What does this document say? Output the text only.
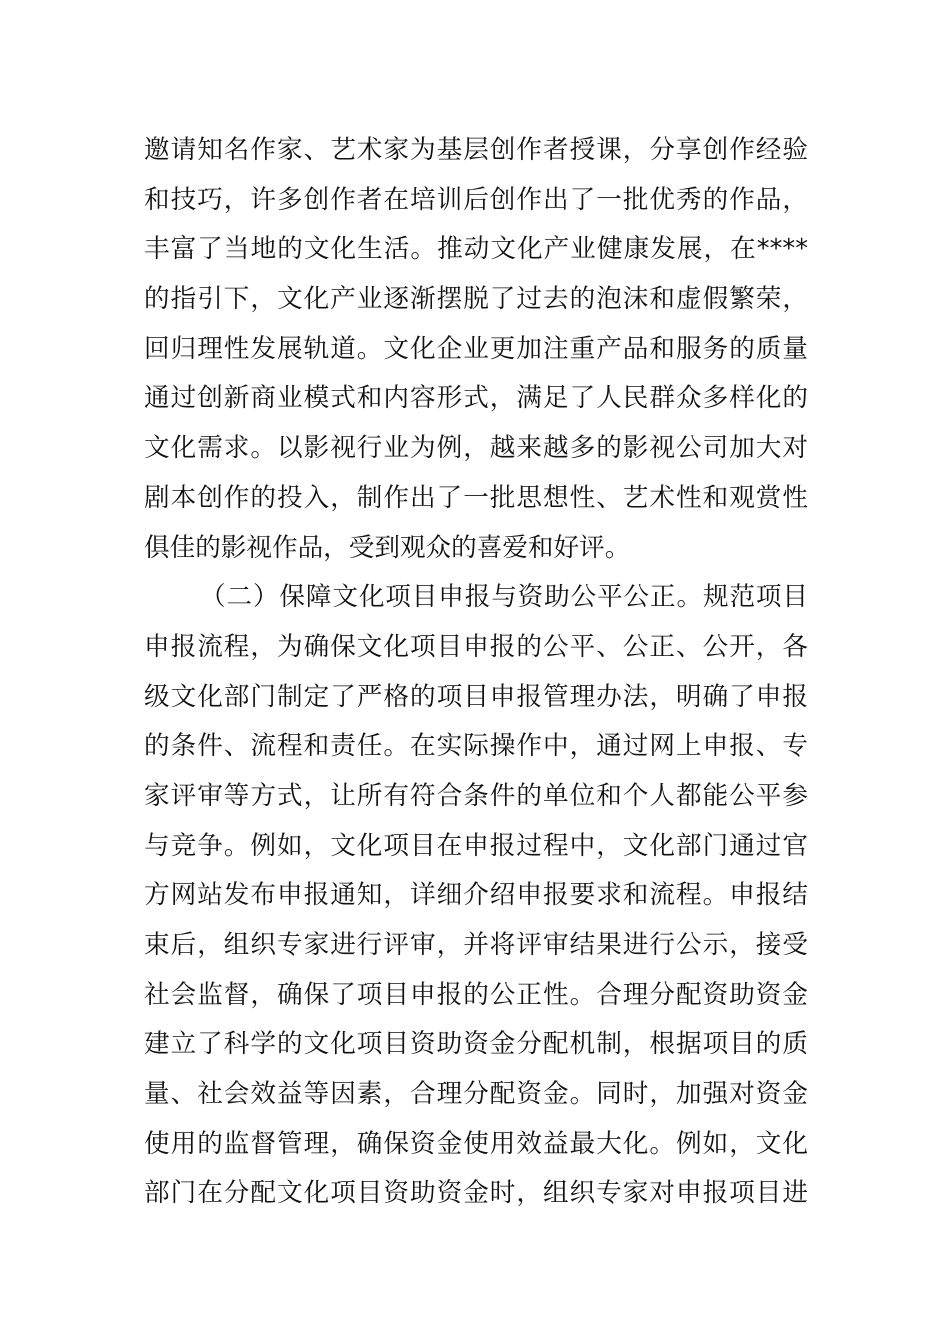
邀请知名作家、艺术家为基层创作者授课，分享创作经验
和技巧，许多创作者在培训后创作出了一批优秀的作品，
丰富了当地的文化生活。推动文化产业健康发展，在****
的指引下，文化产业逐渐摆脱了过去的泡沫和虚假繁荣，
回归理性发展轨道。文化企业更加注重产品和服务的质量
通过创新商业模式和内容形式，满足了人民群众多样化的
文化需求。以影视行业为例，越来越多的影视公司加大对
剧本创作的投入，制作出了一批思想性、艺术性和观赏性
俱佳的影视作品，受到观众的喜爱和好评。
（二）保障文化项目申报与资助公平公正。规范项目
申报流程，为确保文化项目申报的公平、公正、公开，各
级文化部门制定了严格的项目申报管理办法，明确了申报
的条件、流程和责任。在实际操作中，通过网上申报、专
家评审等方式，让所有符合条件的单位和个人都能公平参
与竞争。例如，文化项目在申报过程中，文化部门通过官
方网站发布申报通知，详细介绍申报要求和流程。申报结
束后，组织专家进行评审，并将评审结果进行公示，接受
社会监督，确保了项目申报的公正性。合理分配资助资金
建立了科学的文化项目资助资金分配机制，根据项目的质
量、社会效益等因素，合理分配资金。同时，加强对资金
使用的监督管理，确保资金使用效益最大化。例如，文化
部门在分配文化项目资助资金时，组织专家对申报项目进
